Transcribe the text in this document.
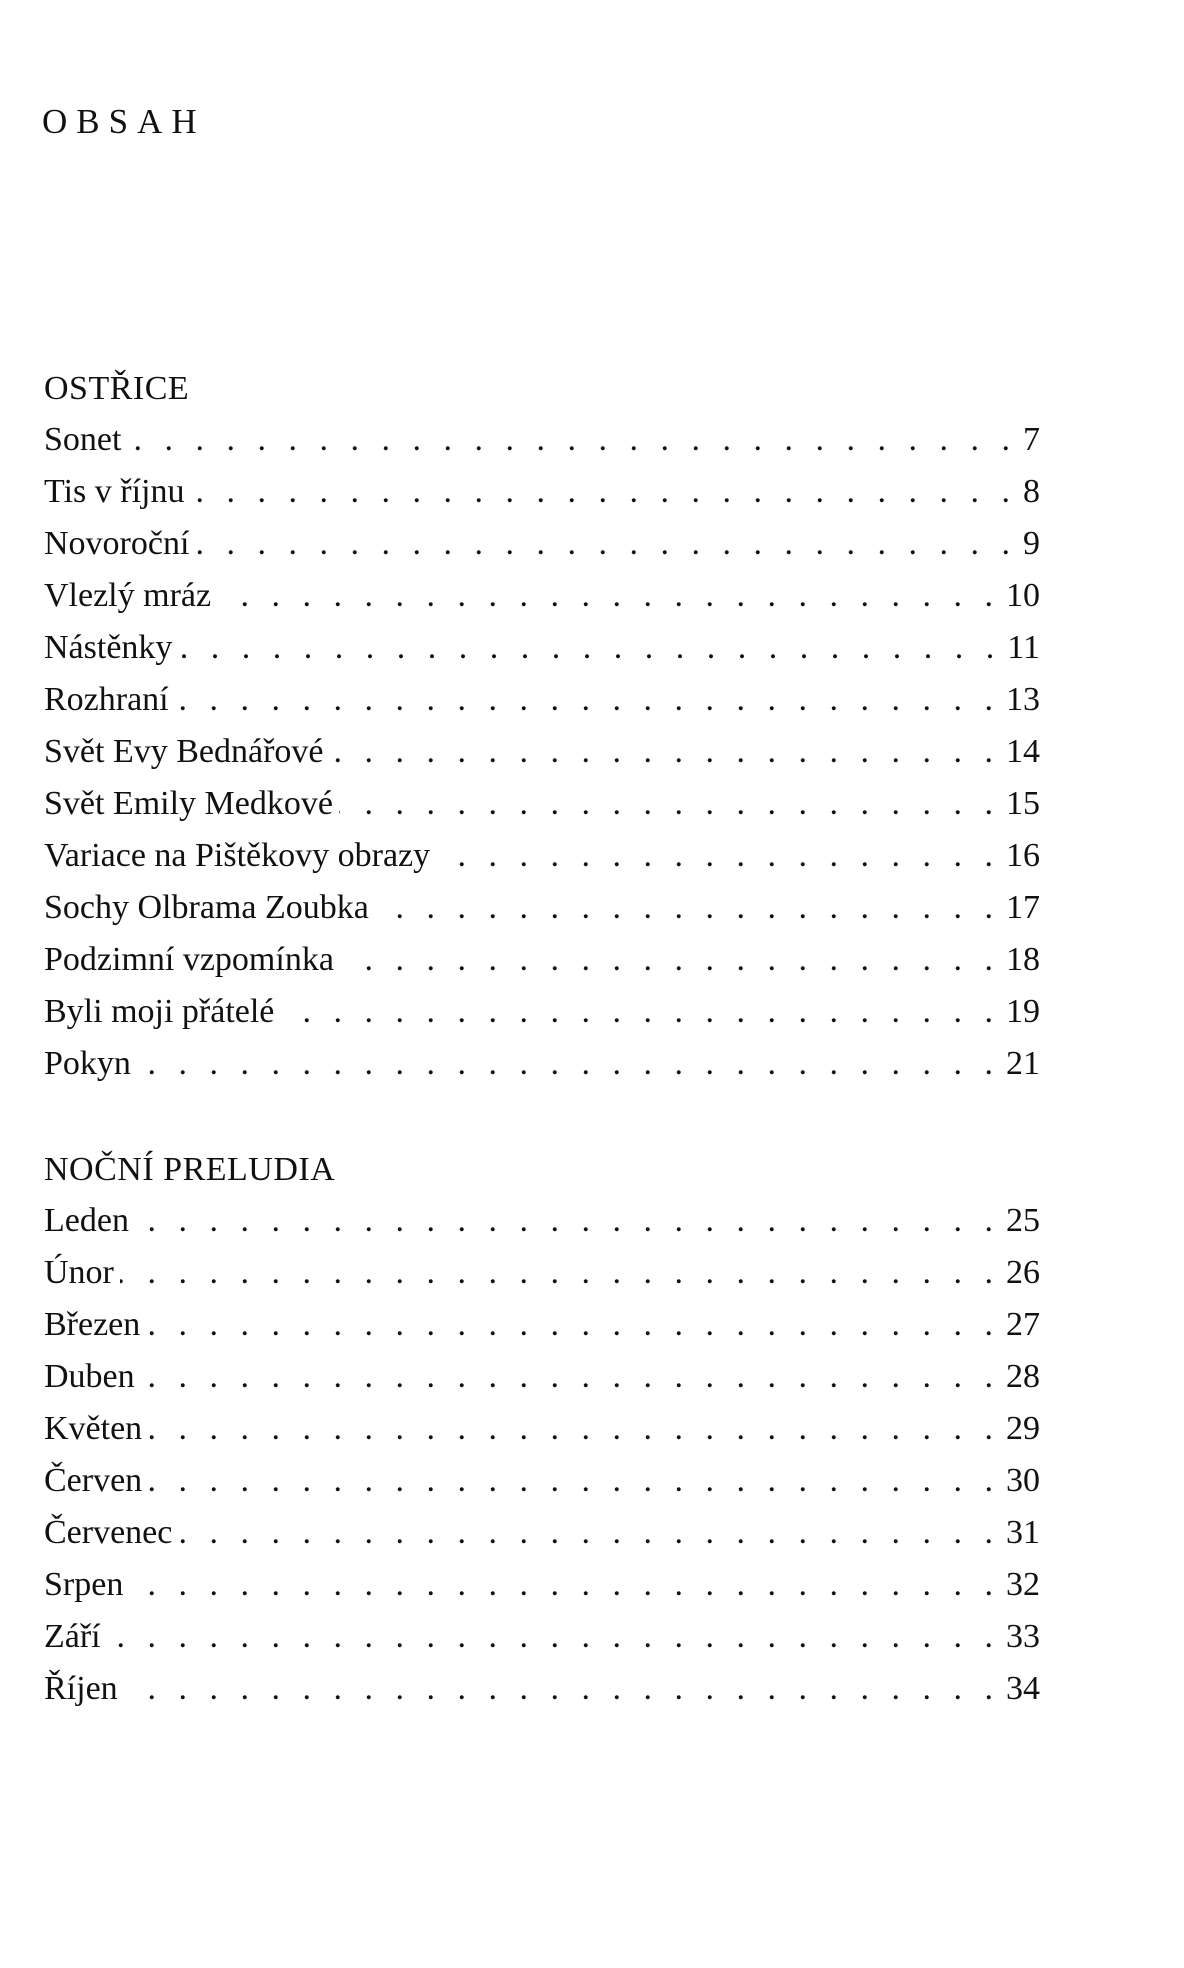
OBSAH
OSTŘICE
Sonet . . .	7
Tis v říjnu . . .	8
Novoroční . . .	9
Vlezlý mráz . . .	10
Nástěnky . . .	11
Rozhraní . . .	13
Svět Evy Bednářové . . .	14
Svět Emily Medkové . . .	15
Variace na Pištěkovy obrazy . . .	16
Sochy Olbrama Zoubka . . .	17
Podzimní vzpomínka . . .	18
Byli moji přátelé . . .	19
Pokyn . . .	21
NOČNÍ PRELUDIA
Leden . . .	25
Únor . . .	26
Březen . . .	27
Duben . . .	28
Květen . . .	29
Červen . . .	30
Červenec . . .	31
Srpen . . .	32
Září . . .	33
Říjen . . .	34
